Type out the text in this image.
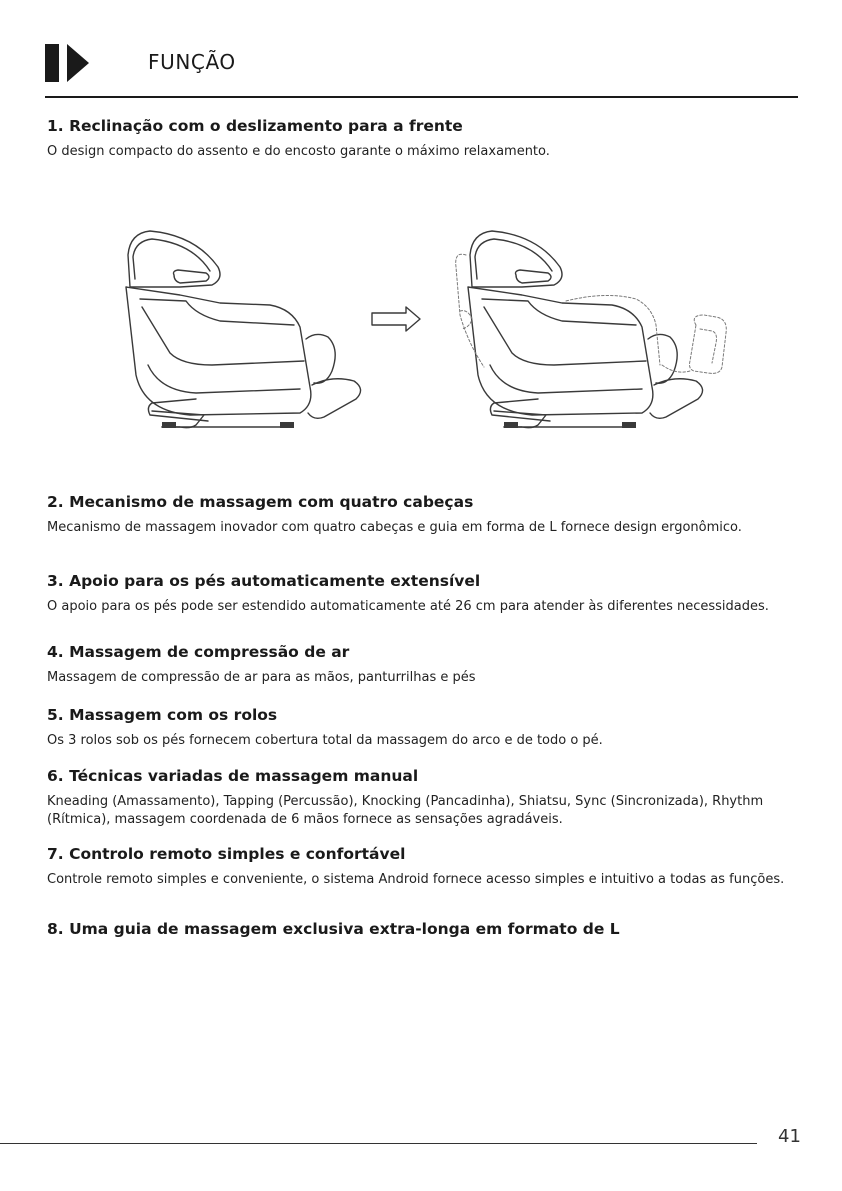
FUNÇÃO
1. Reclinação com o deslizamento para a frente

O design compacto do assento e do encosto garante o máximo relaxamento.

2. Mecanismo de massagem com quatro cabeças

Mecanismo de massagem inovador com quatro cabeças e guia em forma de L fornece design ergonômico.

3. Apoio para os pés automaticamente extensível

O apoio para os pés pode ser estendido automaticamente até 26 cm para atender às diferentes necessidades.

4. Massagem de compressão de ar

Massagem de compressão de ar para as mãos, panturrilhas e pés

5. Massagem com os rolos

Os 3 rolos sob os pés fornecem cobertura total da massagem do arco e de todo o pé.

6. Técnicas variadas de massagem manual

Kneading (Amassamento), Tapping (Percussão), Knocking (Pancadinha), Shiatsu, Sync (Sincronizada), Rhythm (Rítmica), massagem coordenada de 6 mãos fornece as sensações agradáveis.

7. Controlo remoto simples e confortável

Controle remoto simples e conveniente, o sistema Android fornece acesso simples e intuitivo a todas as funções.

8. Uma guia de massagem exclusiva extra-longa em formato de L
41
